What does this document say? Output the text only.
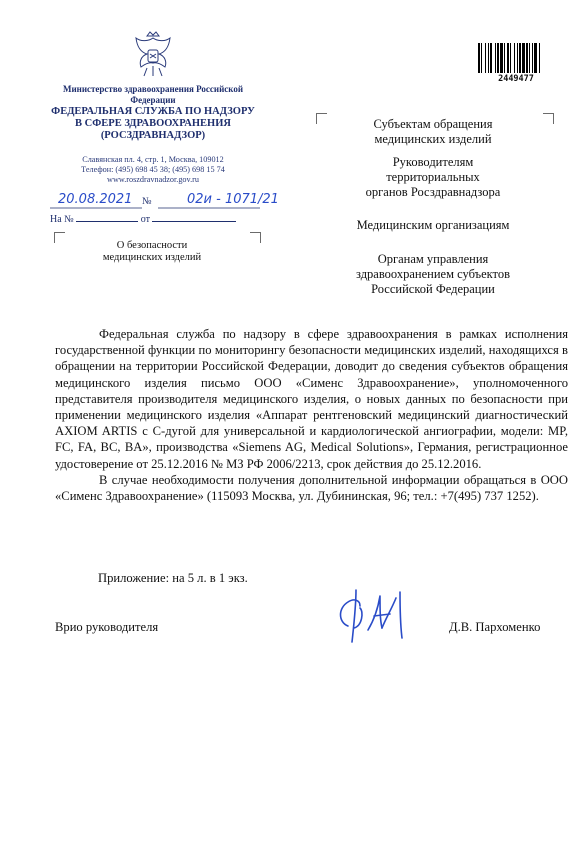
Министерство здравоохранения Российской Федерации
ФЕДЕРАЛЬНАЯ СЛУЖБА ПО НАДЗОРУ
В СФЕРЕ ЗДРАВООХРАНЕНИЯ
(РОСЗДРАВНАДЗОР)
Славянская пл. 4, стр. 1, Москва, 109012
Телефон: (495) 698 45 38; (495) 698 15 74
www.roszdravnadzor.gov.ru
20.08.2021 №	02и - 1071/21
На №	от
О безопасности
медицинских изделий
2449477
Субъектам обращения
медицинских изделий
Руководителям
территориальных
органов Росздравнадзора
Медицинским организациям
Органам управления
здравоохранением субъектов
Российской Федерации

Федеральная служба по надзору в сфере здравоохранения в рамках исполнения государственной функции по мониторингу безопасности медицинских изделий, находящихся в обращении на территории Российской Федерации, доводит до сведения субъектов обращения медицинского изделия письмо ООО «Сименс Здравоохранение», уполномоченного представителя производителя медицинского изделия, о новых данных по безопасности при применении медицинского изделия «Аппарат рентгеновский медицинский диагностический AXIOM ARTIS с С-дугой для универсальной и кардиологической ангиографии, модели: MP, FC, FA, BC, BA», производства «Siemens AG, Medical Solutions», Германия, регистрационное удостоверение от 25.12.2016 № МЗ РФ 2006/2213, срок действия до 25.12.2016.

В случае необходимости получения дополнительной информации обращаться в ООО «Сименс Здравоохранение» (115093 Москва, ул. Дубининская, 96; тел.: +7(495) 737 1252).

Приложение: на 5 л. в 1 экз.
Врио руководителя	Д.В. Пархоменко
